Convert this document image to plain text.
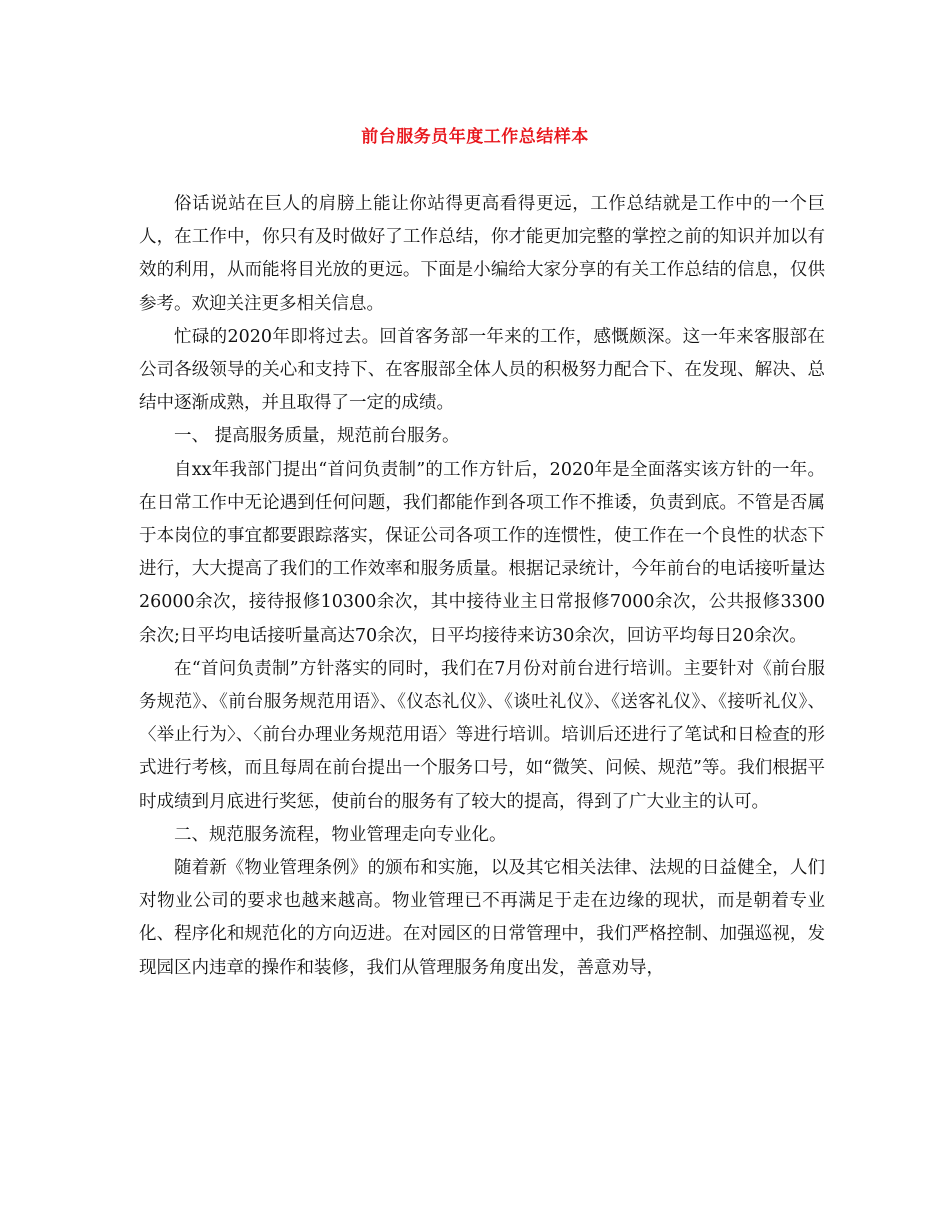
前台服务员年度工作总结样本

俗话说站在巨人的肩膀上能让你站得更高看得更远，工作总结就是工作中的一个巨人，在工作中，你只有及时做好了工作总结，你才能更加完整的掌控之前的知识并加以有效的利用，从而能将目光放的更远。下面是小编给大家分享的有关工作总结的信息，仅供参考。欢迎关注更多相关信息。

忙碌的2020年即将过去。回首客务部一年来的工作，感慨颇深。这一年来客服部在公司各级领导的关心和支持下、在客服部全体人员的积极努力配合下、在发现、解决、总结中逐渐成熟，并且取得了一定的成绩。

一、 提高服务质量，规范前台服务。

自xx年我部门提出“首问负责制”的工作方针后，2020年是全面落实该方针的一年。在日常工作中无论遇到任何问题，我们都能作到各项工作不推诿，负责到底。不管是否属于本岗位的事宜都要跟踪落实，保证公司各项工作的连惯性，使工作在一个良性的状态下进行，大大提高了我们的工作效率和服务质量。根据记录统计，今年前台的电话接听量达26000余次，接待报修10300余次，其中接待业主日常报修7000余次，公共报修3300余次;日平均电话接听量高达70余次，日平均接待来访30余次，回访平均每日20余次。

在“首问负责制”方针落实的同时，我们在7月份对前台进行培训。主要针对《前台服务规范》、《前台服务规范用语》、《仪态礼仪》、《谈吐礼仪》、《送客礼仪》、《接听礼仪》、〈举止行为〉、〈前台办理业务规范用语〉等进行培训。培训后还进行了笔试和日检查的形式进行考核，而且每周在前台提出一个服务口号，如“微笑、问候、规范”等。我们根据平时成绩到月底进行奖惩，使前台的服务有了较大的提高，得到了广大业主的认可。

二、规范服务流程，物业管理走向专业化。

随着新《物业管理条例》的颁布和实施，以及其它相关法律、法规的日益健全，人们对物业公司的要求也越来越高。物业管理已不再满足于走在边缘的现状，而是朝着专业化、程序化和规范化的方向迈进。在对园区的日常管理中，我们严格控制、加强巡视，发现园区内违章的操作和装修，我们从管理服务角度出发，善意劝导，
